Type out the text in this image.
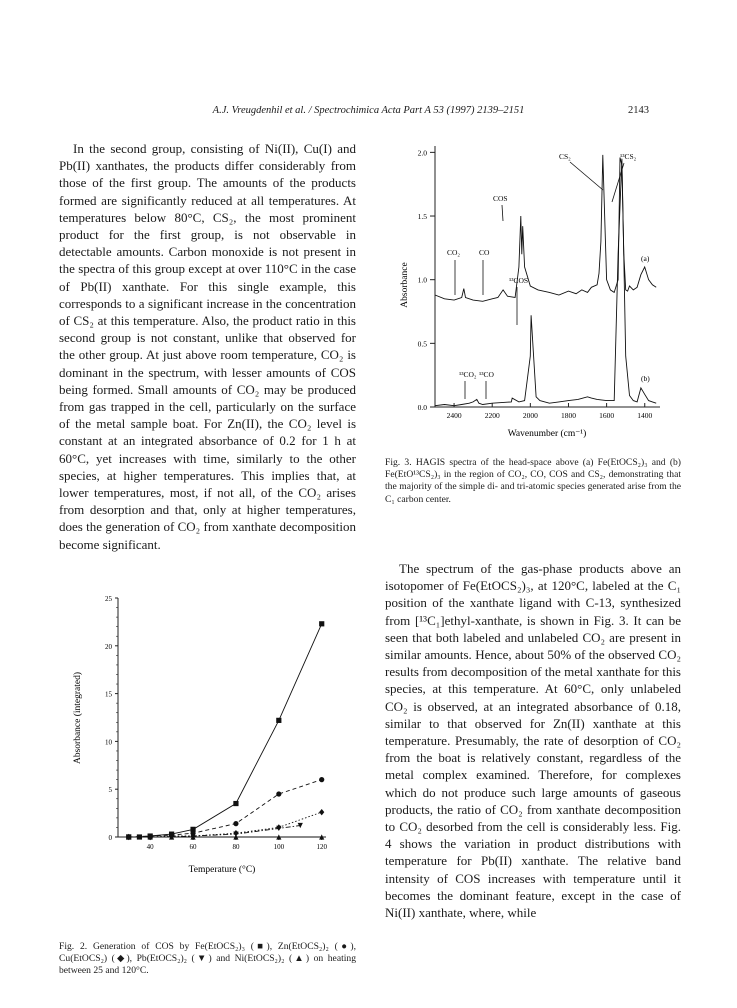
A.J. Vreugdenhil et al. / Spectrochimica Acta Part A 53 (1997) 2139–2151	2143

In the second group, consisting of Ni(II), Cu(I) and Pb(II) xanthates, the products differ considerably from those of the first group. The amounts of the products formed are significantly reduced at all temperatures. At temperatures below 80°C, CS₂, the most prominent product for the first group, is not observable in detectable amounts. Carbon monoxide is not present in the spectra of this group except at over 110°C in the case of Pb(II) xanthate. For this single example, this corresponds to a significant increase in the concentration of CS₂ at this temperature. Also, the product ratio in this second group is not constant, unlike that observed for the other group. At just above room temperature, CO₂ is dominant in the spectrum, with lesser amounts of COS being formed. Small amounts of CO₂ may be produced from gas trapped in the cell, particularly on the surface of the metal sample boat. For Zn(II), the CO₂ level is constant at an integrated absorbance of 0.2 for 1 h at 60°C, yet increases with time, similarly to the other species, at higher temperatures. This implies that, at lower temperatures, most, if not all, of the CO₂ arises from desorption and that, only at higher temperatures, does the generation of CO₂ from xanthate decomposition become significant.

0.0
0.5
1.0
1.5
2.0
2400	2200	2000	1800	1600	1400
Absorbance
Wavenumber (cm⁻¹)
CS₂	¹³CS₂
COS
CO₂	CO
¹³COS
¹³CO₂ ¹³CO
(a)
(b)
Fig. 3. HAGIS spectra of the head-space above (a) Fe(EtOCS₂)₃ and (b) Fe(EtO¹³CS₂)₃ in the region of CO₂, CO, COS and CS₂, demonstrating that the majority of the simple di- and tri-atomic species generated arise from the C₁ carbon center.

The spectrum of the gas-phase products above an isotopomer of Fe(EtOCS₂)₃, at 120°C, labeled at the C₁ position of the xanthate ligand with C-13, synthesized from [¹³C₁]ethyl-xanthate, is shown in Fig. 3. It can be seen that both labeled and unlabeled CO₂ are present in similar amounts. Hence, about 50% of the observed CO₂ results from decomposition of the metal xanthate for this species, at this temperature. At 60°C, only unlabeled CO₂ is observed, at an integrated absorbance of 0.18, similar to that observed for Zn(II) xanthate at this temperature. Presumably, the rate of desorption of CO₂ from the boat is relatively constant, regardless of the metal complex examined. Therefore, for complexes which do not produce such large amounts of gaseous products, the ratio of CO₂ from xanthate decomposition to CO₂ desorbed from the cell is considerably less. Fig. 4 shows the variation in product distributions with temperature for Pb(II) xanthate. The relative band intensity of COS increases with temperature until it becomes the dominant feature, except in the case of Ni(II) xanthate, where, while

0
5
10
15
20
25
40	60	80	100	120
Absorbance (integrated)
Temperature (°C)
Fig. 2. Generation of COS by Fe(EtOCS₂)₃ (■), Zn(EtOCS₂)₂ (●), Cu(EtOCS₂) (◆), Pb(EtOCS₂)₂ (▼) and Ni(EtOCS₂)₂ (▲) on heating between 25 and 120°C.
